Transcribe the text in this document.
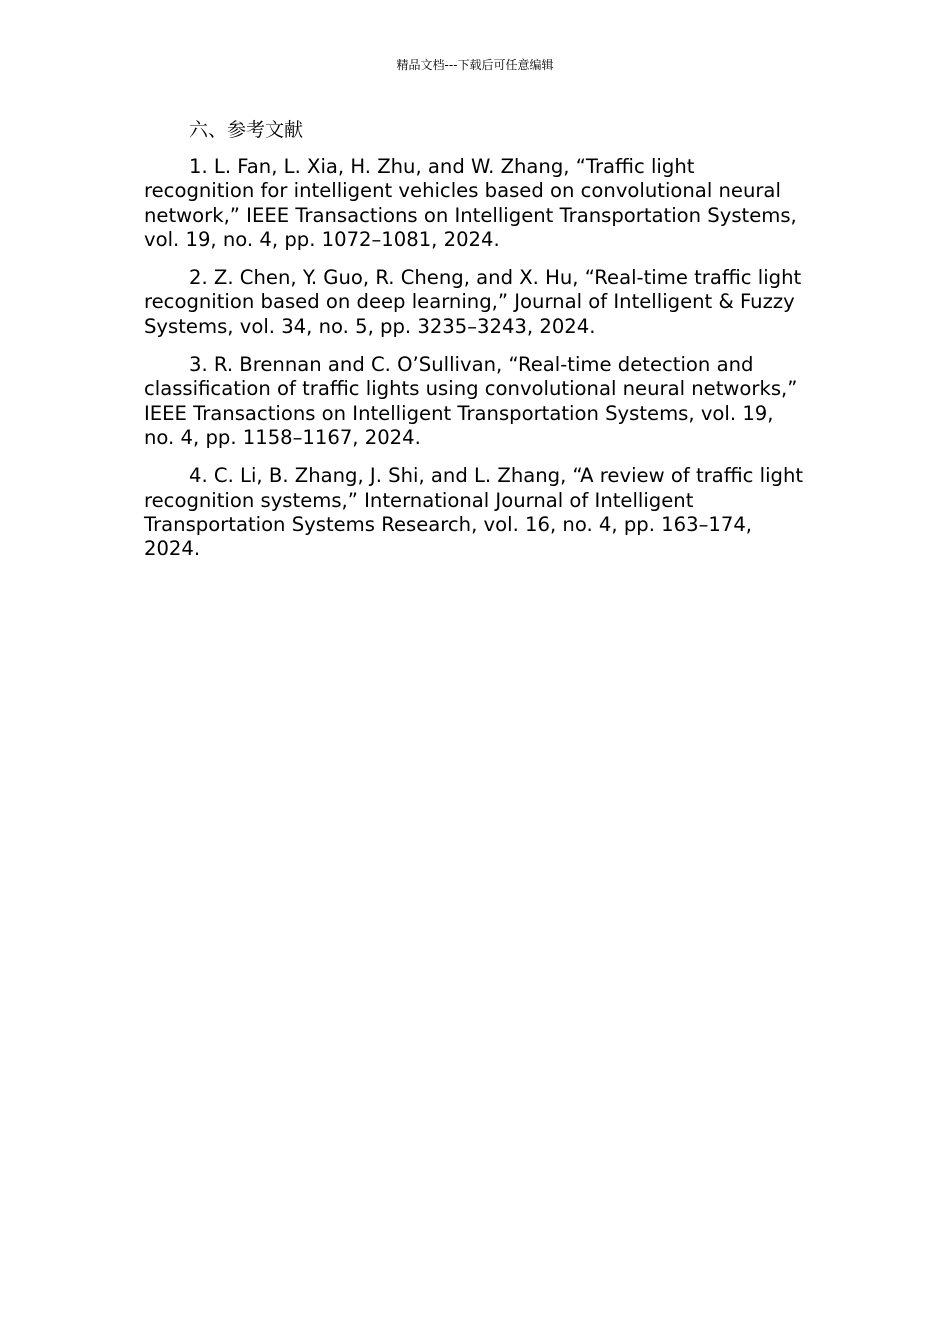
精品文档---下载后可任意编辑
六、参考文献
1. L. Fan, L. Xia, H. Zhu, and W. Zhang, “Traffic light recognition for intelligent vehicles based on convolutional neural network,” IEEE Transactions on Intelligent Transportation Systems, vol. 19, no. 4, pp. 1072–1081, 2024.
2. Z. Chen, Y. Guo, R. Cheng, and X. Hu, “Real-time traffic light recognition based on deep learning,” Journal of Intelligent & Fuzzy Systems, vol. 34, no. 5, pp. 3235–3243, 2024.
3. R. Brennan and C. O’Sullivan, “Real-time detection and classification of traffic lights using convolutional neural networks,” IEEE Transactions on Intelligent Transportation Systems, vol. 19, no. 4, pp. 1158–1167, 2024.
4. C. Li, B. Zhang, J. Shi, and L. Zhang, “A review of traffic light recognition systems,” International Journal of Intelligent Transportation Systems Research, vol. 16, no. 4, pp. 163–174, 2024.
